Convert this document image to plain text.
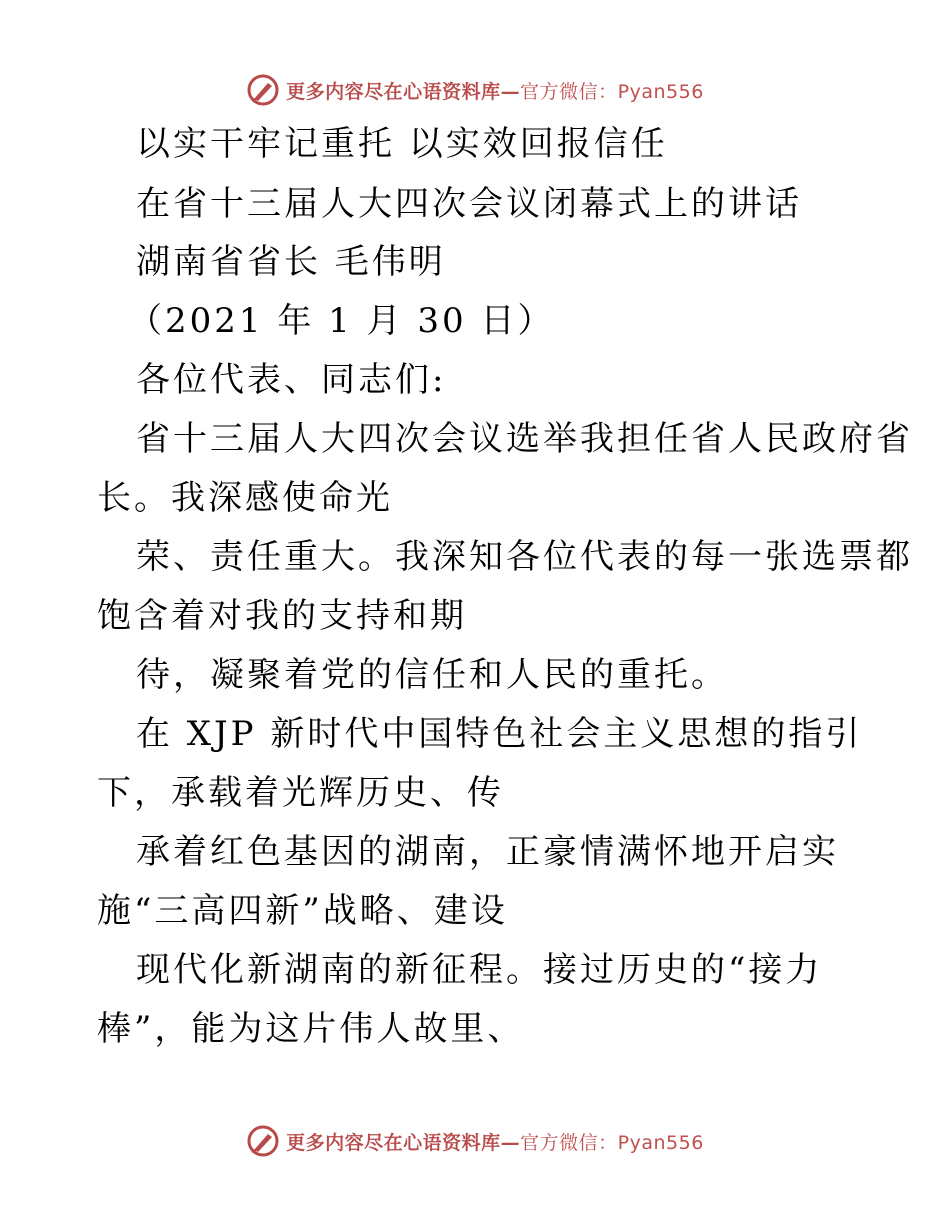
更多内容尽在心语资料库—官方微信：Pyan556
以实干牢记重托 以实效回报信任
在省十三届人大四次会议闭幕式上的讲话
湖南省省长 毛伟明
（2021 年 1 月 30 日）
各位代表、同志们:
省十三届人大四次会议选举我担任省人民政府省
长。我深感使命光
荣、责任重大。我深知各位代表的每一张选票都
饱含着对我的支持和期
待，凝聚着党的信任和人民的重托。
在 XJP 新时代中国特色社会主义思想的指引
下，承载着光辉历史、传
承着红色基因的湖南，正豪情满怀地开启实
施“三高四新”战略、建设
现代化新湖南的新征程。接过历史的“接力
棒”，能为这片伟人故里、
更多内容尽在心语资料库—官方微信：Pyan556
